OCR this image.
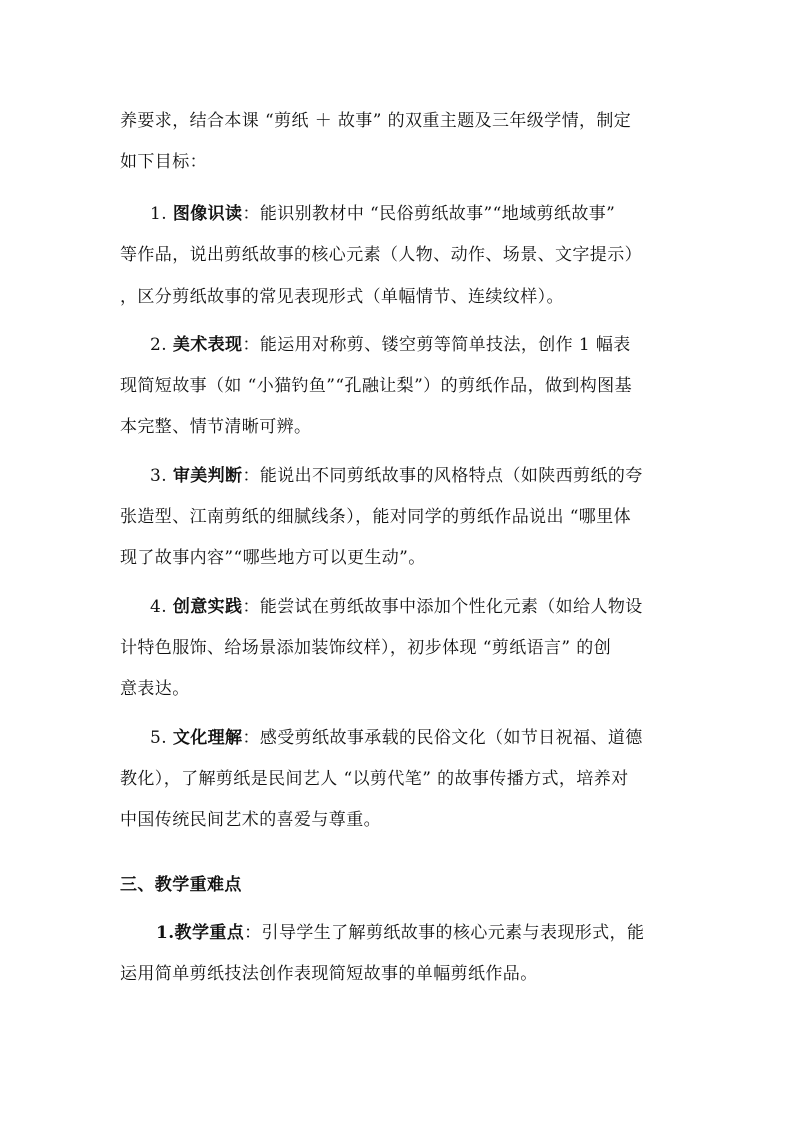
养要求，结合本课 “剪纸 ＋ 故事” 的双重主题及三年级学情，制定
如下目标：
1. 图像识读：能识别教材中 “民俗剪纸故事”“地域剪纸故事”
等作品，说出剪纸故事的核心元素（人物、动作、场景、文字提示）
，区分剪纸故事的常见表现形式（单幅情节、连续纹样）。
2. 美术表现：能运用对称剪、镂空剪等简单技法，创作 1 幅表
现简短故事（如 “小猫钓鱼”“孔融让梨”）的剪纸作品，做到构图基
本完整、情节清晰可辨。
3. 审美判断：能说出不同剪纸故事的风格特点（如陕西剪纸的夸
张造型、江南剪纸的细腻线条），能对同学的剪纸作品说出 “哪里体
现了故事内容”“哪些地方可以更生动”。
4. 创意实践：能尝试在剪纸故事中添加个性化元素（如给人物设
计特色服饰、给场景添加装饰纹样），初步体现 “剪纸语言” 的创
意表达。
5. 文化理解：感受剪纸故事承载的民俗文化（如节日祝福、道德
教化），了解剪纸是民间艺人 “以剪代笔” 的故事传播方式，培养对
中国传统民间艺术的喜爱与尊重。
三、教学重难点
1.教学重点：引导学生了解剪纸故事的核心元素与表现形式，能
运用简单剪纸技法创作表现简短故事的单幅剪纸作品。
